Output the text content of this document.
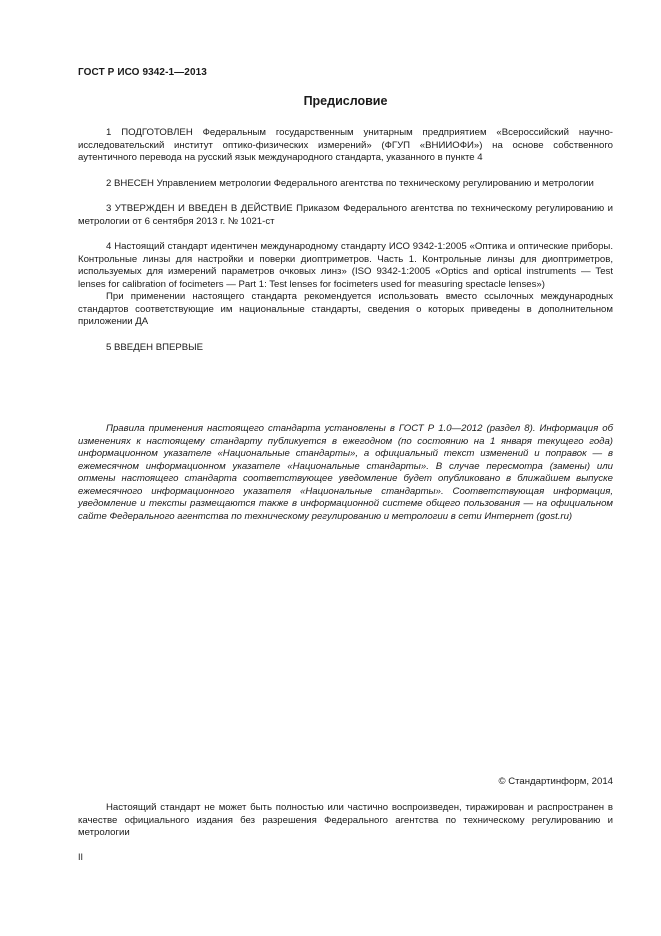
ГОСТ Р ИСО 9342-1—2013
Предисловие

1 ПОДГОТОВЛЕН Федеральным государственным унитарным предприятием «Всероссийский научно-исследовательский институт оптико-физических измерений» (ФГУП «ВНИИОФИ») на основе собственного аутентичного перевода на русский язык международного стандарта, указанного в пункте 4

2 ВНЕСЕН Управлением метрологии Федерального агентства по техническому регулированию и метрологии

3 УТВЕРЖДЕН И ВВЕДЕН В ДЕЙСТВИЕ Приказом Федерального агентства по техническому регулированию и метрологии от 6 сентября 2013 г. № 1021-ст

4 Настоящий стандарт идентичен международному стандарту ИСО 9342-1:2005 «Оптика и оптические приборы. Контрольные линзы для настройки и поверки диоптриметров. Часть 1. Контрольные линзы для диоптриметров, используемых для измерений параметров очковых линз» (ISO 9342-1:2005 «Optics and optical instruments — Test lenses for calibration of focimeters — Part 1: Test lenses for focimeters used for measuring spectacle lenses»)

При применении настоящего стандарта рекомендуется использовать вместо ссылочных международных стандартов соответствующие им национальные стандарты, сведения о которых приведены в дополнительном приложении ДА

5 ВВЕДЕН ВПЕРВЫЕ

Правила применения настоящего стандарта установлены в ГОСТ Р 1.0—2012 (раздел 8). Информация об изменениях к настоящему стандарту публикуется в ежегодном (по состоянию на 1 января текущего года) информационном указателе «Национальные стандарты», а официальный текст изменений и поправок — в ежемесячном информационном указателе «Национальные стандарты». В случае пересмотра (замены) или отмены настоящего стандарта соответствующее уведомление будет опубликовано в ближайшем выпуске ежемесячного информационного указателя «Национальные стандарты». Соответствующая информация, уведомление и тексты размещаются также в информационной системе общего пользования — на официальном сайте Федерального агентства по техническому регулированию и метрологии в сети Интернет (gost.ru)

© Стандартинформ, 2014

Настоящий стандарт не может быть полностью или частично воспроизведен, тиражирован и распространен в качестве официального издания без разрешения Федерального агентства по техническому регулированию и метрологии

II
